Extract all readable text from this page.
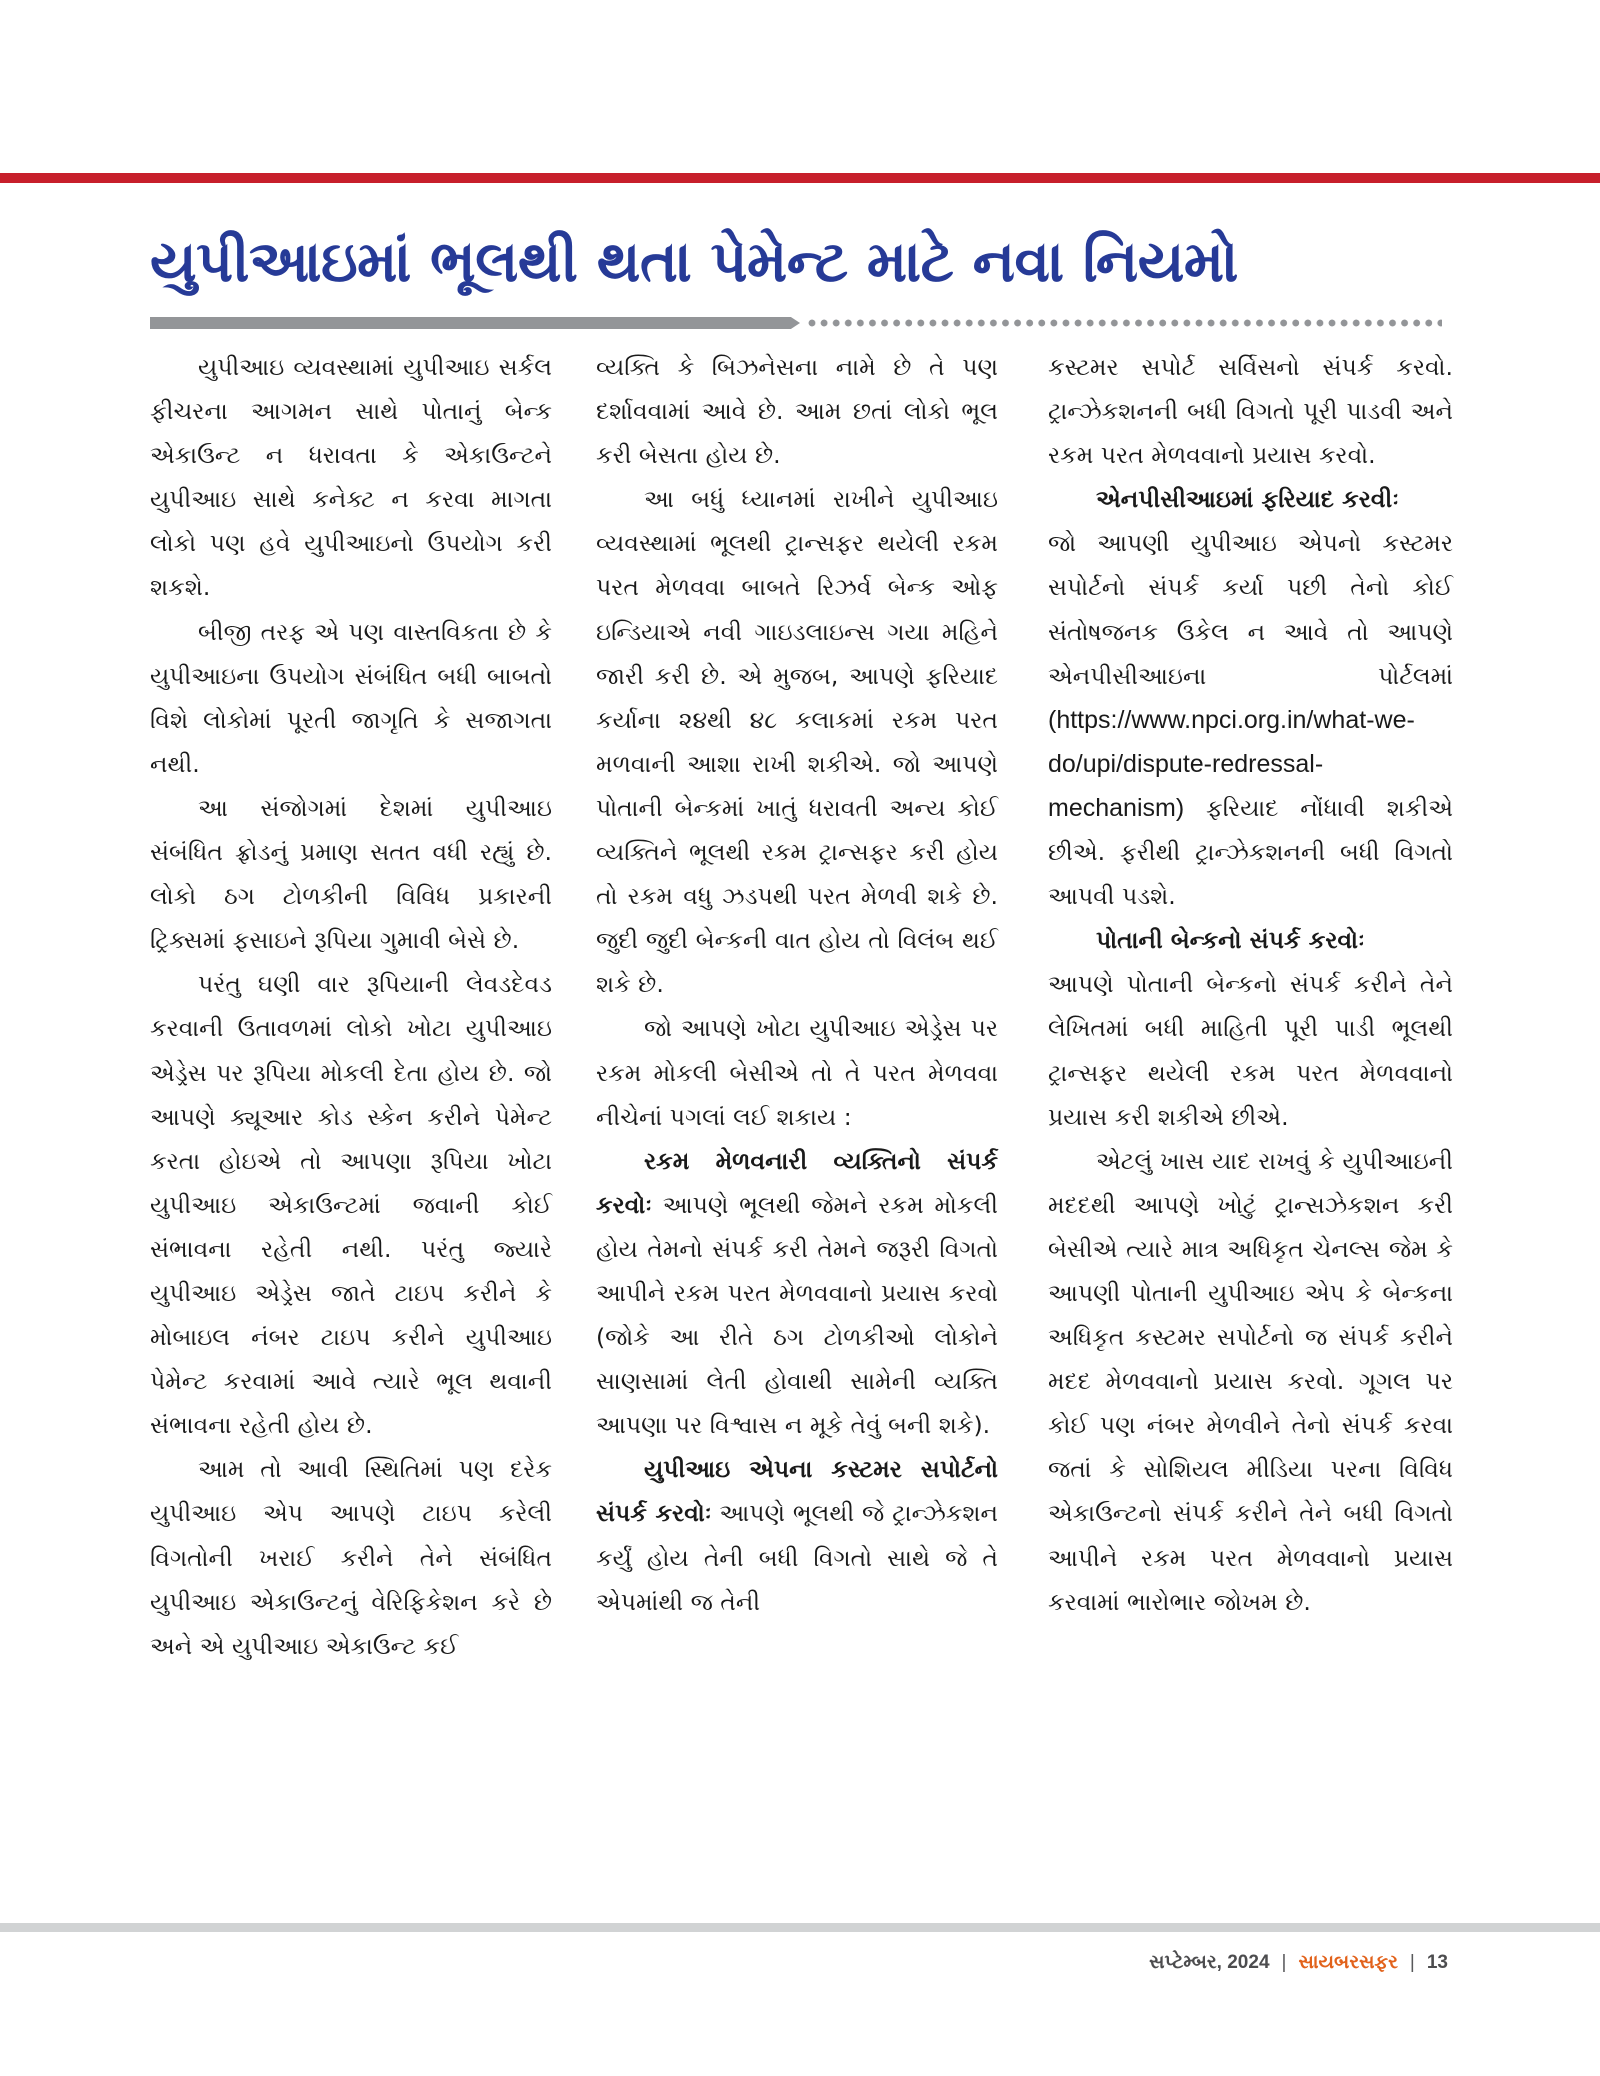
યુપીઆઇમાં ભૂલથી થતા પેમેન્ટ માટે નવા નિયમો

યુપીઆઇ વ્યવસ્થામાં યુપીઆઇ સર્કલ ફીચરના આગમન સાથે પોતાનું બેન્ક એકાઉન્ટ ન ધરાવતા કે એકાઉન્ટને યુપીઆઇ સાથે કનેક્ટ ન કરવા માગતા લોકો પણ હવે યુપીઆઇનો ઉપયોગ કરી શકશે.

બીજી તરફ એ પણ વાસ્તવિકતા છે કે યુપીઆઇના ઉપયોગ સંબંધિત બધી બાબતો વિશે લોકોમાં પૂરતી જાગૃતિ કે સજાગતા નથી.

આ સંજોગમાં દેશમાં યુપીઆઇ સંબંધિત ફ્રોડનું પ્રમાણ સતત વધી રહ્યું છે. લોકો ઠગ ટોળકીની વિવિધ પ્રકારની ટ્રિક્સમાં ફસાઇને રૂપિયા ગુમાવી બેસે છે.

પરંતુ ઘણી વાર રૂપિયાની લેવડદેવડ કરવાની ઉતાવળમાં લોકો ખોટા યુપીઆઇ એડ્રેસ પર રૂપિયા મોકલી દેતા હોય છે. જો આપણે ક્યૂઆર કોડ સ્કેન કરીને પેમેન્ટ કરતા હોઇએ તો આપણા રૂપિયા ખોટા યુપીઆઇ એકાઉન્ટમાં જવાની કોઈ સંભાવના રહેતી નથી. પરંતુ જ્યારે યુપીઆઇ એડ્રેસ જાતે ટાઇપ કરીને કે મોબાઇલ નંબર ટાઇપ કરીને યુપીઆઇ પેમેન્ટ કરવામાં આવે ત્યારે ભૂલ થવાની સંભાવના રહેતી હોય છે.

આમ તો આવી સ્થિતિમાં પણ દરેક યુપીઆઇ એપ આપણે ટાઇપ કરેલી વિગતોની ખરાઈ કરીને તેને સંબંધિત યુપીઆઇ એકાઉન્ટનું વેરિફિકેશન કરે છે અને એ યુપીઆઇ એકાઉન્ટ કઈ

વ્યક્તિ કે બિઝનેસના નામે છે તે પણ દર્શાવવામાં આવે છે. આમ છતાં લોકો ભૂલ કરી બેસતા હોય છે.

આ બધું ધ્યાનમાં રાખીને યુપીઆઇ વ્યવસ્થામાં ભૂલથી ટ્રાન્સફર થયેલી રકમ પરત મેળવવા બાબતે રિઝર્વ બેન્ક ઓફ ઇન્ડિયાએ નવી ગાઇડલાઇન્સ ગયા મહિને જારી કરી છે. એ મુજબ, આપણે ફરિયાદ કર્યાના ૨૪થી ૪૮ કલાકમાં રકમ પરત મળવાની આશા રાખી શકીએ. જો આપણે પોતાની બેન્કમાં ખાતું ધરાવતી અન્ય કોઈ વ્યક્તિને ભૂલથી રકમ ટ્રાન્સફર કરી હોય તો રકમ વધુ ઝડપથી પરત મેળવી શકે છે. જુદી જુદી બેન્કની વાત હોય તો વિલંબ થઈ શકે છે.

જો આપણે ખોટા યુપીઆઇ એડ્રેસ પર રકમ મોકલી બેસીએ તો તે પરત મેળવવા નીચેનાં પગલાં લઈ શકાય :

રકમ મેળવનારી વ્યક્તિનો સંપર્ક કરવોઃ આપણે ભૂલથી જેમને રકમ મોકલી હોય તેમનો સંપર્ક કરી તેમને જરૂરી વિગતો આપીને રકમ પરત મેળવવાનો પ્રયાસ કરવો (જોકે આ રીતે ઠગ ટોળકીઓ લોકોને સાણસામાં લેતી હોવાથી સામેની વ્યક્તિ આપણા પર વિશ્વાસ ન મૂકે તેવું બની શકે).

યુપીઆઇ એપના કસ્ટમર સપોર્ટનો સંપર્ક કરવોઃ આપણે ભૂલથી જે ટ્રાન્ઝેકશન કર્યું હોય તેની બધી વિગતો સાથે જે તે એપમાંથી જ તેની

કસ્ટમર સપોર્ટ સર્વિસનો સંપર્ક કરવો. ટ્રાન્ઝેકશનની બધી વિગતો પૂરી પાડવી અને રકમ પરત મેળવવાનો પ્રયાસ કરવો.

એનપીસીઆઇમાં ફરિયાદ કરવીઃ

જો આપણી યુપીઆઇ એપનો કસ્ટમર સપોર્ટનો સંપર્ક કર્યા પછી તેનો કોઈ સંતોષજનક ઉકેલ ન આવે તો આપણે એનપીસીઆઇના પોર્ટલમાં (https://www.npci.org.in/what-we-do/upi/dispute-redressal-mechanism) ફરિયાદ નોંધાવી શકીએ છીએ. ફરીથી ટ્રાન્ઝેકશનની બધી વિગતો આપવી પડશે.

પોતાની બેન્કનો સંપર્ક કરવોઃ

આપણે પોતાની બેન્કનો સંપર્ક કરીને તેને લેખિતમાં બધી માહિતી પૂરી પાડી ભૂલથી ટ્રાન્સફર થયેલી રકમ પરત મેળવવાનો પ્રયાસ કરી શકીએ છીએ.

એટલું ખાસ યાદ રાખવું કે યુપીઆઇની મદદથી આપણે ખોટું ટ્રાન્સઝેકશન કરી બેસીએ ત્યારે માત્ર અધિકૃત ચેનલ્સ જેમ કે આપણી પોતાની યુપીઆઇ એપ કે બેન્કના અધિકૃત કસ્ટમર સપોર્ટનો જ સંપર્ક કરીને મદદ મેળવવાનો પ્રયાસ કરવો. ગૂગલ પર કોઈ પણ નંબર મેળવીને તેનો સંપર્ક કરવા જતાં કે સોશિયલ મીડિયા પરના વિવિધ એકાઉન્ટનો સંપર્ક કરીને તેને બધી વિગતો આપીને રકમ પરત મેળવવાનો પ્રયાસ કરવામાં ભારોભાર જોખમ છે.

સપ્ટેમ્બર, 2024 | સાયબરસફર | 13
